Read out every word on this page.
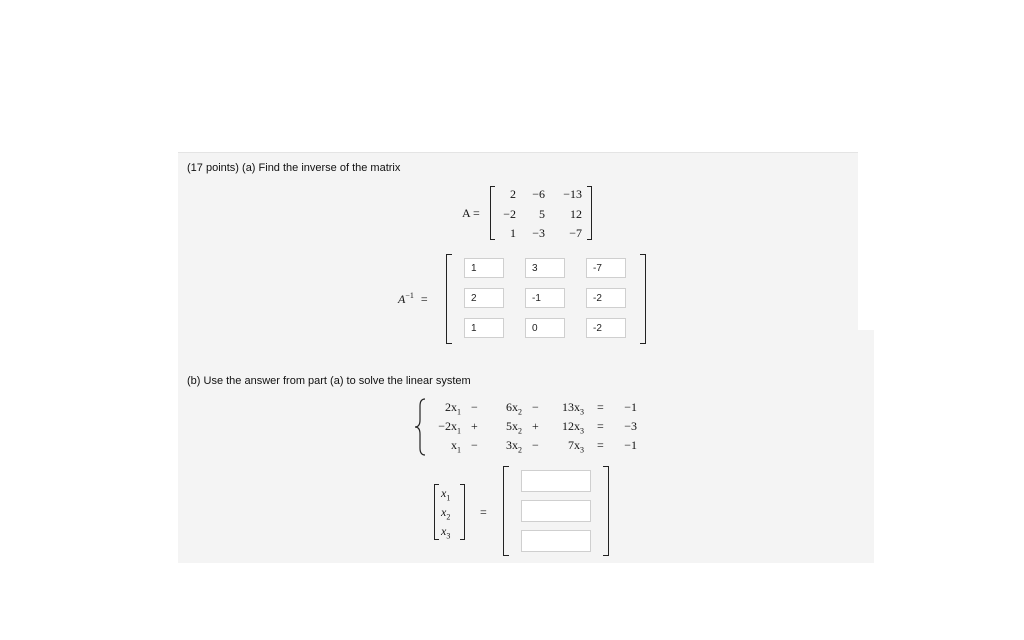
(17 points) (a) Find the inverse of the matrix
A =
2	−6	−13
−2	5	12
1	−3	−7
$A^{-1}$ =
1	3	-7
2	-1	-2
1	0	-2
(b) Use the answer from part (a) to solve the linear system
$2x_1$ −	$6x_2$ −	$13x_3$ =	−1
$-2x_1$ +	$5x_2$ +	$12x_3$ =	−3
$x_1$ −	$3x_2$ −	$7x_3$ =	−1
$x_1$
$x_2$
$x_3$
=
